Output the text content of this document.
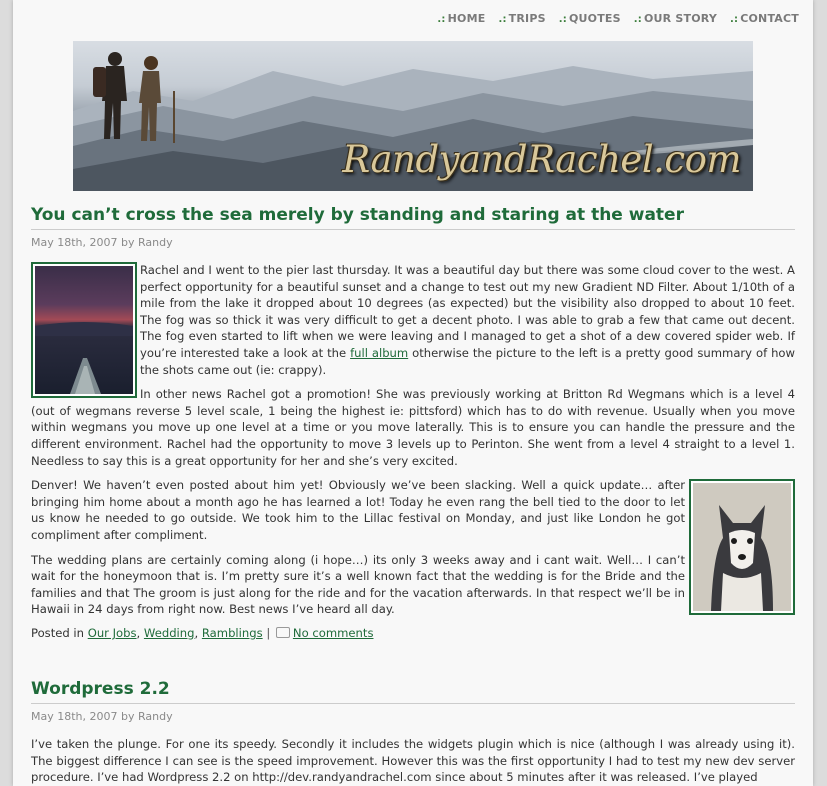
.: HOME .: TRIPS .: QUOTES .: OUR STORY .: CONTACT
RandyandRachel.com
You can’t cross the sea merely by standing and staring at the water
May 18th, 2007 by Randy

Rachel and I went to the pier last thursday. It was a beautiful day but there was some cloud cover to the west. A perfect opportunity for a beautiful sunset and a change to test out my new Gradient ND Filter. About 1/10th of a mile from the lake it dropped about 10 degrees (as expected) but the visibility also dropped to about 10 feet. The fog was so thick it was very difficult to get a decent photo. I was able to grab a few that came out decent. The fog even started to lift when we were leaving and I managed to get a shot of a dew covered spider web. If you’re interested take a look at the full album otherwise the picture to the left is a pretty good summary of how the shots came out (ie: crappy).

In other news Rachel got a promotion! She was previously working at Britton Rd Wegmans which is a level 4 (out of wegmans reverse 5 level scale, 1 being the highest ie: pittsford) which has to do with revenue. Usually when you move within wegmans you move up one level at a time or you move laterally. This is to ensure you can handle the pressure and the different environment. Rachel had the opportunity to move 3 levels up to Perinton. She went from a level 4 straight to a level 1. Needless to say this is a great opportunity for her and she’s very excited.

Denver! We haven’t even posted about him yet! Obviously we’ve been slacking. Well a quick update… after bringing him home about a month ago he has learned a lot! Today he even rang the bell tied to the door to let us know he needed to go outside. We took him to the Lillac festival on Monday, and just like London he got compliment after compliment.

The wedding plans are certainly coming along (i hope…) its only 3 weeks away and i cant wait. Well… I can’t wait for the honeymoon that is. I’m pretty sure it’s a well known fact that the wedding is for the Bride and the families and that The groom is just along for the ride and for the vacation afterwards. In that respect we’ll be in Hawaii in 24 days from right now. Best news I’ve heard all day.

Posted in Our Jobs, Wedding, Ramblings | No comments
Wordpress 2.2
May 18th, 2007 by Randy

I’ve taken the plunge. For one its speedy. Secondly it includes the widgets plugin which is nice (although I was already using it). The biggest difference I can see is the speed improvement. However this was the first opportunity I had to test my new dev server procedure. I’ve had Wordpress 2.2 on http://dev.randyandrachel.com since about 5 minutes after it was released. I’ve played
